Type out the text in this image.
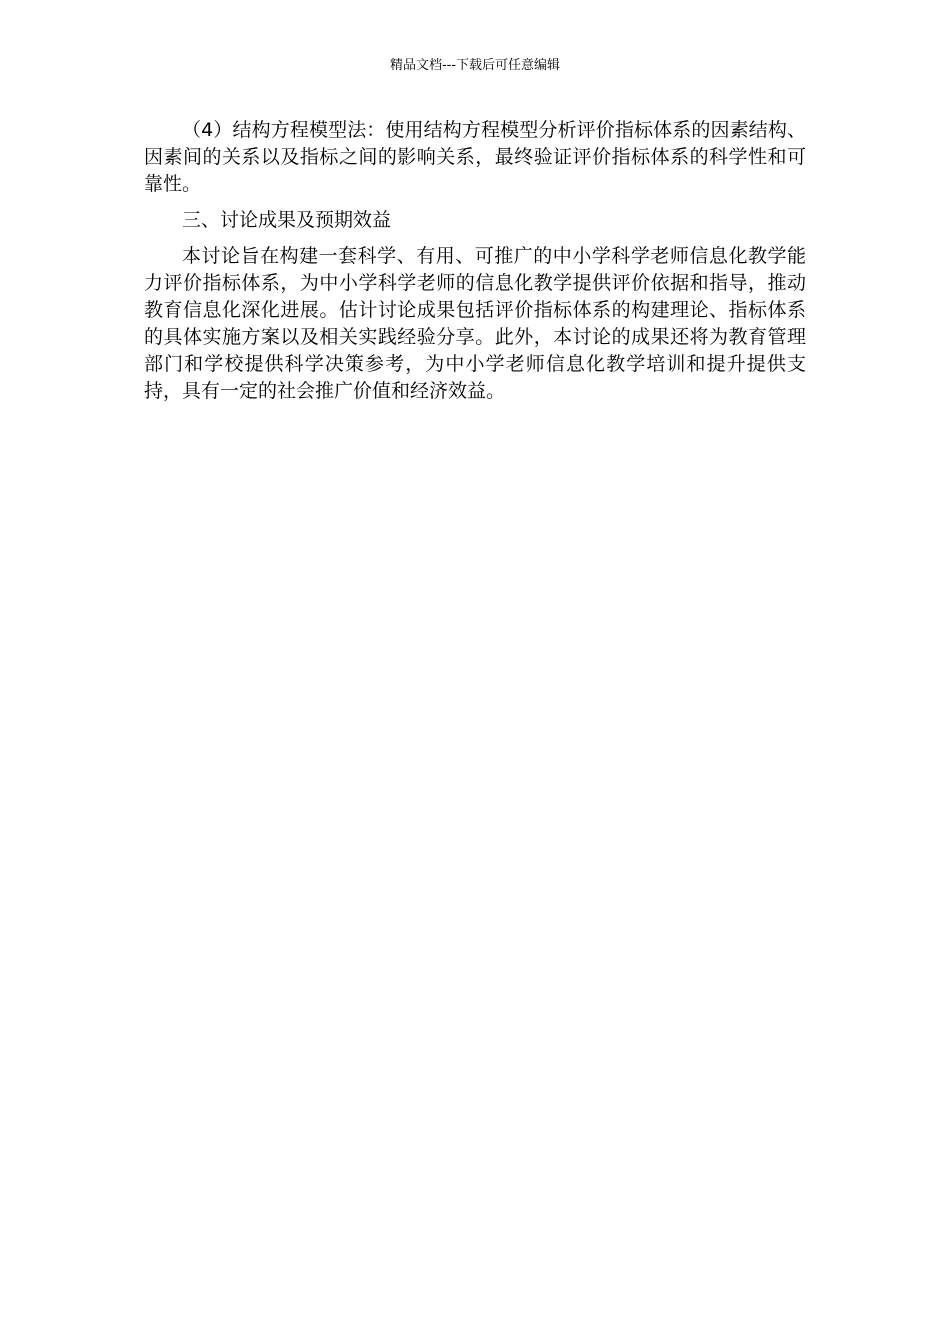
精品文档---下载后可任意编辑

（4）结构方程模型法：使用结构方程模型分析评价指标体系的因素结构、因素间的关系以及指标之间的影响关系，最终验证评价指标体系的科学性和可靠性。

三、讨论成果及预期效益

本讨论旨在构建一套科学、有用、可推广的中小学科学老师信息化教学能力评价指标体系，为中小学科学老师的信息化教学提供评价依据和指导，推动教育信息化深化进展。估计讨论成果包括评价指标体系的构建理论、指标体系的具体实施方案以及相关实践经验分享。此外，本讨论的成果还将为教育管理部门和学校提供科学决策参考，为中小学老师信息化教学培训和提升提供支持，具有一定的社会推广价值和经济效益。
